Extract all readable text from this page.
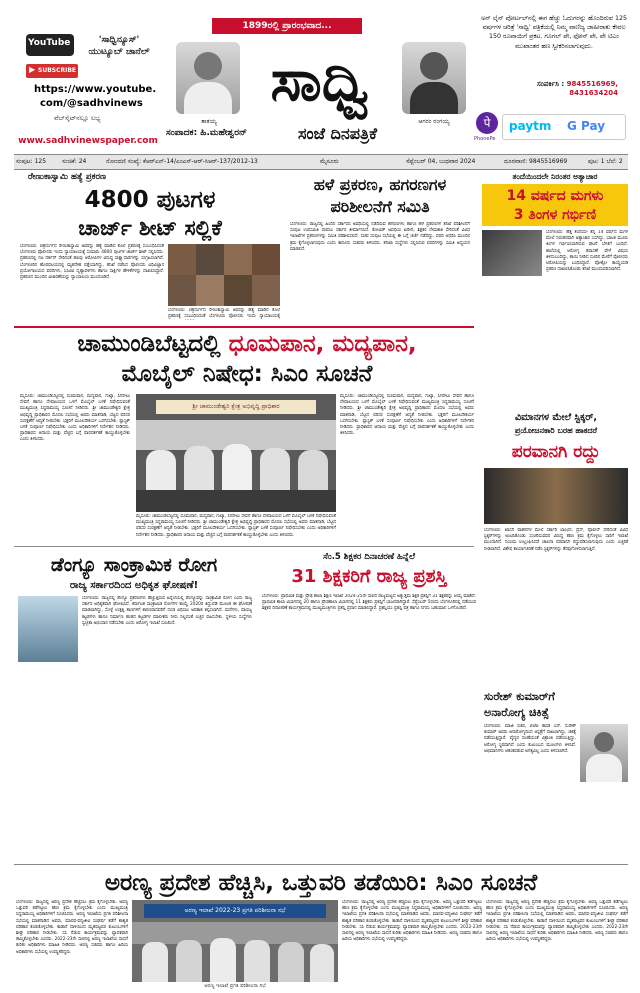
YouTube
▶ SUBSCRIBE
'ಸಾಧ್ವಿನ್ಯೂಸ್' ಯುಟ್ಯೂಬ್ ಚಾನೆಲ್
https://www.youtube.
com/@sadhvinews
ವೆಬ್‌ಸೈಟ್‌ನಲ್ಲೂ ಲಭ್ಯ
www.sadhvinewspaper.com
1899ರಲ್ಲಿ ಪ್ರಾರಂಭವಾದ...
ತಾತಯ್ಯ
ಸಾಧ್ವಿ
ಆಗರಂ ರಂಗಯ್ಯ
ಸಂಪಾದಕ: ಹಿ.ಮಹೇಶ್ವರನ್	ಸಂಜೆ ದಿನಪತ್ರಿಕೆ
पे
PhonePe
paytm G Pay
ಅನ್ ಲೈನ್ ಪೋರ್ಟಲ್‌ನಲ್ಲಿ ಈಗ ಹೆಚ್ಚು ಓದುಗರನ್ನು ಹೊಂದಿರುವ 125 ವರ್ಷಗಳ ಚರಿತ್ರೆ 'ಸಾಧ್ವಿ' ಪತ್ರಿಕೆಯಲ್ಲಿ ನಿಮ್ಮ ವಾಣಿಜ್ಯ ಜಾಹೀರಾತು ಕೇವಲ 150 ರೂಪಾಯಿಗೆ ಪ್ರಕಟ. ಗೂಗಲ್ ಪೇ, ಫೋನ್ ಪೇ, ಪೇ ಟಿಎಂ ಮುಖಾಂತರ ಹಣ ಸ್ವೀಕರಿಸಲಾಗುವುದು.
ಸಂಪರ್ಕಿಸಿ : 9845516969,
8431634204
ಸಂಪುಟ: 125	ಸಂಚಿಕೆ: 24	ನೋಂದಣಿ ಸಂಖ್ಯೆ: ಕೆಆರ್‌ಎನ್-14/ಎಂಎಸ್-ಆರ್-ಸಿಆರ್-137/2012-13	ಮೈಸೂರು	ಸೆಪ್ಟೆಂಬರ್ 04, ಬುಧವಾರ 2024	ದೂರವಾಣಿ: 9845516969	ಪುಟ: 1 ಬೆಲೆ: 2
ರೇಣುಕಾಸ್ವಾಮಿ ಹತ್ಯೆ ಪ್ರಕರಣ
4800 ಪುಟಗಳ
ಚಾರ್ಜ್ ಶೀಟ್ ಸಲ್ಲಿಕೆ
ಬೆಂಗಳೂರು: ಚಿತ್ರದುರ್ಗದ ರೇಣುಕಾಸ್ವಾಮಿ ಅವರನ್ನು ಹತ್ಯೆ ಮಾಡಿದ ಕೊಲೆ ಪ್ರಕರಣಕ್ಕೆ ಸಂಬಂಧಿಸಿದಂತೆ ಬೆಂಗಳೂರು ಪೊಲೀಸರು ಇಂದು ನ್ಯಾಯಾಲಯಕ್ಕೆ ಸುಮಾರು 4800 ಪುಟಗಳ ಚಾರ್ಜ್ ಶೀಟ್ ಸಲ್ಲಿಸಿದರು. ಪ್ರಕರಣದಲ್ಲಿ ನಟ ದರ್ಶನ್ ಸೇರಿದಂತೆ ಹಲವು ಆರೋಪಿಗಳ ವಿರುದ್ಧ ಸಾಕ್ಷ್ಯಾಧಾರಗಳನ್ನು ಸಂಗ್ರಹಿಸಲಾಗಿದೆ. ಬೆಂಗಳೂರಿನ ಹೊರವಲಯದಲ್ಲಿ ಮೃತದೇಹ ಪತ್ತೆಯಾಗಿದ್ದು, ತನಿಖೆ ನಡೆಸಿದ ಪೊಲೀಸರು ವಿಧಿವಿಜ್ಞಾನ ಪ್ರಯೋಗಾಲಯದ ವರದಿಗಳು, ಸಿಸಿಟಿವಿ ದೃಶ್ಯಾವಳಿಗಳು ಹಾಗೂ ಸಾಕ್ಷಿಗಳ ಹೇಳಿಕೆಗಳನ್ನು ದಾಖಲಿಸಿದ್ದಾರೆ. ಪ್ರಕರಣದ ಮುಂದಿನ ವಿಚಾರಣೆಯನ್ನು ನ್ಯಾಯಾಲಯ ಮುಂದೂಡಿದೆ.
ಬೆಂಗಳೂರು: ಚಿತ್ರದುರ್ಗದ ರೇಣುಕಾಸ್ವಾಮಿ ಅವರನ್ನು ಹತ್ಯೆ ಮಾಡಿದ ಕೊಲೆ ಪ್ರಕರಣಕ್ಕೆ ಸಂಬಂಧಿಸಿದಂತೆ ಬೆಂಗಳೂರು ಪೊಲೀಸರು ಇಂದು ನ್ಯಾಯಾಲಯಕ್ಕೆ
ಹಳೆ ಪ್ರಕರಣ, ಹಗರಣಗಳ
ಪರಿಶೀಲನೆಗೆ ಸಮಿತಿ
ಬೆಂಗಳೂರು: ರಾಜ್ಯದಲ್ಲಿ ಹಿಂದಿನ ಸರ್ಕಾರದ ಅವಧಿಯಲ್ಲಿ ನಡೆದಿರುವ ಹಗರಣಗಳು ಹಾಗೂ ಹಳೆ ಪ್ರಕರಣಗಳ ತನಿಖೆ ಪರಿಶೀಲನೆಗೆ ಸಂಪುಟ ಉಪಸಮಿತಿ ರಚಿಸಲು ಸರ್ಕಾರ ತೀರ್ಮಾನಿಸಿದೆ. ಕೋವಿಡ್ ಅವಧಿಯ ಖರೀದಿ, ಶಿಕ್ಷಕರ ನೇಮಕಾತಿ ಸೇರಿದಂತೆ ವಿವಿಧ ಇಲಾಖೆಗಳ ಪ್ರಕರಣಗಳನ್ನು ಸಮಿತಿ ಪರಿಶೀಲಿಸಲಿದೆ. ಸಚಿವ ಸಂಪುಟ ಸಭೆಯಲ್ಲಿ ಈ ಬಗ್ಗೆ ಚರ್ಚೆ ನಡೆದಿದ್ದು, ವರದಿ ಆಧರಿಸಿ ಮುಂದಿನ ಕ್ರಮ ಕೈಗೊಳ್ಳಲಾಗುವುದು ಎಂದು ಕಾನೂನು ಸಚಿವರು ತಿಳಿಸಿದರು. ತನಿಖಾ ಸಂಸ್ಥೆಗಳು ಸಲ್ಲಿಸಿರುವ ವರದಿಗಳನ್ನು ಸಮಿತಿ ಅಧ್ಯಯನ ಮಾಡಲಿದೆ.
ತಂದೆಯಿಂದಲೇ ನಿರಂತರ ಅತ್ಯಾಚಾರ
14 ವರ್ಷದ ಮಗಳು
3 ತಿಂಗಳ ಗರ್ಭಿಣಿ
ಬೆಂಗಳೂರು: ಹೆತ್ತ ತಂದೆಯೇ ತನ್ನ 14 ವರ್ಷದ ಮಗಳ ಮೇಲೆ ನಿರಂತರವಾಗಿ ಅತ್ಯಾಚಾರ ಎಸಗಿದ್ದು, ಬಾಲಕಿ ಮೂರು ತಿಂಗಳ ಗರ್ಭಿಣಿಯಾಗಿರುವ ಘಟನೆ ಬೆಳಕಿಗೆ ಬಂದಿದೆ. ಶಾಲೆಯಲ್ಲಿ ಆರೋಗ್ಯ ತಪಾಸಣೆ ವೇಳೆ ವಿಷಯ ತಿಳಿದುಬಂದಿದ್ದು, ತಾಯಿ ನೀಡಿದ ದೂರಿನ ಮೇರೆಗೆ ಪೊಲೀಸರು ಆರೋಪಿಯನ್ನು ಬಂಧಿಸಿದ್ದಾರೆ. ಪೋಕ್ಸೋ ಕಾಯ್ದೆಯಡಿ ಪ್ರಕರಣ ದಾಖಲಿಸಿಕೊಂಡು ತನಿಖೆ ಮುಂದುವರಿಸಲಾಗಿದೆ.
ಚಾಮುಂಡಿಬೆಟ್ಟದಲ್ಲಿ ಧೂಮಪಾನ, ಮದ್ಯಪಾನ,
ಮೊಬೈಲ್ ನಿಷೇಧ: ಸಿಎಂ ಸೂಚನೆ
ಮೈಸೂರು: ಚಾಮುಂಡಿಬೆಟ್ಟದಲ್ಲಿ ಧೂಮಪಾನ, ಮದ್ಯಪಾನ, ಗುಟ್ಕಾ, ಸಿಗರೇಟು ಸೇವನೆ ಹಾಗೂ ದೇವಾಲಯದ ಒಳಗೆ ಮೊಬೈಲ್ ಬಳಕೆ ನಿಷೇಧಿಸುವಂತೆ ಮುಖ್ಯಮಂತ್ರಿ ಸಿದ್ದರಾಮಯ್ಯ ಸೂಚನೆ ನೀಡಿದರು. ಶ್ರೀ ಚಾಮುಂಡೇಶ್ವರಿ ಕ್ಷೇತ್ರ ಅಭಿವೃದ್ಧಿ ಪ್ರಾಧಿಕಾರದ ಮೊದಲ ಸಭೆಯಲ್ಲಿ ಅವರು ಮಾತನಾಡಿ, ಬೆಟ್ಟದ ಪರಿಸರ ಸಂರಕ್ಷಣೆಗೆ ಆದ್ಯತೆ ನೀಡಬೇಕು. ಭಕ್ತರಿಗೆ ಮೂಲಸೌಕರ್ಯ ಒದಗಿಸಬೇಕು. ಪ್ಲಾಸ್ಟಿಕ್ ಬಳಕೆ ಸಂಪೂರ್ಣ ನಿಷೇಧಿಸಬೇಕು ಎಂದು ಅಧಿಕಾರಿಗಳಿಗೆ ನಿರ್ದೇಶನ ನೀಡಿದರು. ಪ್ರಾಧಿಕಾರದ ಆದಾಯ ಮತ್ತು ವೆಚ್ಚದ ಬಗ್ಗೆ ಪಾರದರ್ಶಕತೆ ಕಾಯ್ದುಕೊಳ್ಳಬೇಕು ಎಂದು ತಿಳಿಸಿದರು.
ಶ್ರೀ ಚಾಮುಂಡೇಶ್ವರಿ ಕ್ಷೇತ್ರ ಅಭಿವೃದ್ಧಿ ಪ್ರಾಧಿಕಾರ
ಮೈಸೂರು: ಚಾಮುಂಡಿಬೆಟ್ಟದಲ್ಲಿ ಧೂಮಪಾನ, ಮದ್ಯಪಾನ, ಗುಟ್ಕಾ, ಸಿಗರೇಟು ಸೇವನೆ ಹಾಗೂ ದೇವಾಲಯದ ಒಳಗೆ ಮೊಬೈಲ್ ಬಳಕೆ ನಿಷೇಧಿಸುವಂತೆ ಮುಖ್ಯಮಂತ್ರಿ ಸಿದ್ದರಾಮಯ್ಯ ಸೂಚನೆ ನೀಡಿದರು. ಶ್ರೀ ಚಾಮುಂಡೇಶ್ವರಿ ಕ್ಷೇತ್ರ ಅಭಿವೃದ್ಧಿ ಪ್ರಾಧಿಕಾರದ ಮೊದಲ ಸಭೆಯಲ್ಲಿ ಅವರು ಮಾತನಾಡಿ, ಬೆಟ್ಟದ ಪರಿಸರ ಸಂರಕ್ಷಣೆಗೆ ಆದ್ಯತೆ ನೀಡಬೇಕು. ಭಕ್ತರಿಗೆ ಮೂಲಸೌಕರ್ಯ ಒದಗಿಸಬೇಕು. ಪ್ಲಾಸ್ಟಿಕ್ ಬಳಕೆ ಸಂಪೂರ್ಣ ನಿಷೇಧಿಸಬೇಕು ಎಂದು ಅಧಿಕಾರಿಗಳಿಗೆ ನಿರ್ದೇಶನ ನೀಡಿದರು. ಪ್ರಾಧಿಕಾರದ ಆದಾಯ ಮತ್ತು ವೆಚ್ಚದ ಬಗ್ಗೆ ಪಾರದರ್ಶಕತೆ ಕಾಯ್ದುಕೊಳ್ಳಬೇಕು ಎಂದು ತಿಳಿಸಿದರು.
ಮೈಸೂರು: ಚಾಮುಂಡಿಬೆಟ್ಟದಲ್ಲಿ ಧೂಮಪಾನ, ಮದ್ಯಪಾನ, ಗುಟ್ಕಾ, ಸಿಗರೇಟು ಸೇವನೆ ಹಾಗೂ ದೇವಾಲಯದ ಒಳಗೆ ಮೊಬೈಲ್ ಬಳಕೆ ನಿಷೇಧಿಸುವಂತೆ ಮುಖ್ಯಮಂತ್ರಿ ಸಿದ್ದರಾಮಯ್ಯ ಸೂಚನೆ ನೀಡಿದರು. ಶ್ರೀ ಚಾಮುಂಡೇಶ್ವರಿ ಕ್ಷೇತ್ರ ಅಭಿವೃದ್ಧಿ ಪ್ರಾಧಿಕಾರದ ಮೊದಲ ಸಭೆಯಲ್ಲಿ ಅವರು ಮಾತನಾಡಿ, ಬೆಟ್ಟದ ಪರಿಸರ ಸಂರಕ್ಷಣೆಗೆ ಆದ್ಯತೆ ನೀಡಬೇಕು. ಭಕ್ತರಿಗೆ ಮೂಲಸೌಕರ್ಯ ಒದಗಿಸಬೇಕು. ಪ್ಲಾಸ್ಟಿಕ್ ಬಳಕೆ ಸಂಪೂರ್ಣ ನಿಷೇಧಿಸಬೇಕು ಎಂದು ಅಧಿಕಾರಿಗಳಿಗೆ ನಿರ್ದೇಶನ ನೀಡಿದರು. ಪ್ರಾಧಿಕಾರದ ಆದಾಯ ಮತ್ತು ವೆಚ್ಚದ ಬಗ್ಗೆ ಪಾರದರ್ಶಕತೆ ಕಾಯ್ದುಕೊಳ್ಳಬೇಕು ಎಂದು ತಿಳಿಸಿದರು.
ವಿಮಾನಗಳ ಮೇಲೆ ಸ್ಟಿಕ್ಕರ್,
ಪ್ರಯೋಜನಕಾರಿ ಬರಹ ಹಾಕದರೆ
ಪರವಾನಗಿ ರದ್ದು
ಬೆಂಗಳೂರು: ಖಾಸಗಿ ವಾಹನಗಳ ಮೇಲೆ ಸರ್ಕಾರಿ ಲಾಂಛನ, ಪ್ರೆಸ್, ಪೊಲೀಸ್ ಸೇರಿದಂತೆ ವಿವಿಧ ಸ್ಟಿಕ್ಕರ್‌ಗಳನ್ನು ಅಂಟಿಸಿಕೊಂಡು ಸಂಚರಿಸುವವರ ವಿರುದ್ಧ ಕಠಿಣ ಕ್ರಮ ಕೈಗೊಳ್ಳಲು ಸಾರಿಗೆ ಇಲಾಖೆ ಮುಂದಾಗಿದೆ. ನಿಯಮ ಉಲ್ಲಂಘಿಸಿದರೆ ಚಾಲನಾ ಪರವಾನಗಿ ರದ್ದುಪಡಿಸಲಾಗುವುದು ಎಂದು ಎಚ್ಚರಿಕೆ ನೀಡಲಾಗಿದೆ. ವಿಶೇಷ ಕಾರ್ಯಾಚರಣೆ ನಡೆಸಿ ಸ್ಟಿಕ್ಕರ್‌ಗಳನ್ನು ತೆರವುಗೊಳಿಸಲಾಗುತ್ತಿದೆ.
ಡೆಂಗ್ಯೂ ಸಾಂಕ್ರಾಮಿಕ ರೋಗ
ರಾಜ್ಯ ಸರ್ಕಾರದಿಂದ ಅಧಿಕೃತ ಘೋಷಣೆ!
ಬೆಂಗಳೂರು: ರಾಜ್ಯದಲ್ಲಿ ಡೆಂಗ್ಯೂ ಪ್ರಕರಣಗಳು ಹೆಚ್ಚುತ್ತಿರುವ ಹಿನ್ನೆಲೆಯಲ್ಲಿ ಡೆಂಗ್ಯೂವನ್ನು ಸಾಂಕ್ರಾಮಿಕ ರೋಗ ಎಂದು ರಾಜ್ಯ ಸರ್ಕಾರ ಅಧಿಕೃತವಾಗಿ ಘೋಷಿಸಿದೆ. ಕರ್ನಾಟಕ ಸಾಂಕ್ರಾಮಿಕ ರೋಗಗಳ ಕಾಯ್ದೆ 2020ರ ತಿದ್ದುಪಡಿ ಮೂಲಕ ಈ ಘೋಷಣೆ ಮಾಡಲಾಗಿದ್ದು, ಸೊಳ್ಳೆ ಉತ್ಪತ್ತಿ ತಾಣಗಳಿಗೆ ಕಾರಣರಾದವರಿಗೆ ದಂಡ ವಿಧಿಸಲು ಅವಕಾಶ ಕಲ್ಪಿಸಲಾಗಿದೆ. ಮನೆಗಳು, ವಾಣಿಜ್ಯ ಕಟ್ಟಡಗಳು ಹಾಗೂ ನಿರ್ಮಾಣ ಹಂತದ ಕಟ್ಟಡಗಳ ಮಾಲೀಕರು ನೀರು ನಿಲ್ಲದಂತೆ ಎಚ್ಚರ ವಹಿಸಬೇಕು. ಸ್ಥಳೀಯ ಸಂಸ್ಥೆಗಳು ಸ್ವಚ್ಛತಾ ಅಭಿಯಾನ ನಡೆಸಬೇಕು ಎಂದು ಆರೋಗ್ಯ ಇಲಾಖೆ ಸೂಚಿಸಿದೆ.
ಸೆಂ.5 ಶಿಕ್ಷಕರ ದಿನಾಚರಣೆ ಹಿನ್ನೆಲೆ
31 ಶಿಕ್ಷಕರಿಗೆ ರಾಜ್ಯ ಪ್ರಶಸ್ತಿ
ಬೆಂಗಳೂರು: ಪ್ರಾಥಮಿಕ ಮತ್ತು ಪ್ರೌಢ ಶಾಲಾ ಶಿಕ್ಷಣ ಇಲಾಖೆ 2024-25ನೇ ಸಾಲಿನ ರಾಜ್ಯಮಟ್ಟದ ಅತ್ಯುತ್ತಮ ಶಿಕ್ಷಕ ಪ್ರಶಸ್ತಿಗೆ 31 ಶಿಕ್ಷಕರನ್ನು ಆಯ್ಕೆ ಮಾಡಿದೆ. ಪ್ರಾಥಮಿಕ ಶಾಲಾ ವಿಭಾಗದಲ್ಲಿ 20 ಹಾಗೂ ಪ್ರೌಢಶಾಲಾ ವಿಭಾಗದಲ್ಲಿ 11 ಶಿಕ್ಷಕರು ಪ್ರಶಸ್ತಿಗೆ ಭಾಜನರಾಗಿದ್ದಾರೆ. ಸೆಪ್ಟೆಂಬರ್ 5ರಂದು ಬೆಂಗಳೂರಿನಲ್ಲಿ ನಡೆಯುವ ಶಿಕ್ಷಕರ ದಿನಾಚರಣೆ ಕಾರ್ಯಕ್ರಮದಲ್ಲಿ ಮುಖ್ಯಮಂತ್ರಿಗಳು ಪ್ರಶಸ್ತಿ ಪ್ರದಾನ ಮಾಡಲಿದ್ದಾರೆ. ಪ್ರಶಸ್ತಿಯು ಪ್ರಶಸ್ತಿ ಪತ್ರ ಹಾಗೂ ನಗದು ಬಹುಮಾನ ಒಳಗೊಂಡಿದೆ.
ಸುರೇಶ್ ಕುಮಾರ್‌ಗೆ
ಅನಾರೋಗ್ಯ ಚಿಕಿತ್ಸೆ
ಬೆಂಗಳೂರು: ಮಾಜಿ ಸಚಿವ, ಬಿಜೆಪಿ ಶಾಸಕ ಎಸ್. ಸುರೇಶ್ ಕುಮಾರ್ ಅವರು ಅನಾರೋಗ್ಯದಿಂದ ಆಸ್ಪತ್ರೆಗೆ ದಾಖಲಾಗಿದ್ದು, ಚಿಕಿತ್ಸೆ ಪಡೆಯುತ್ತಿದ್ದಾರೆ. ವೈದ್ಯರ ಸಲಹೆಯಂತೆ ವಿಶ್ರಾಂತಿ ಪಡೆಯುತ್ತಿದ್ದು, ಆರೋಗ್ಯ ಸ್ಥಿರವಾಗಿದೆ ಎಂದು ಕುಟುಂಬದ ಮೂಲಗಳು ತಿಳಿಸಿವೆ. ಅಭಿಮಾನಿಗಳು ಆತಂಕಪಡುವ ಅಗತ್ಯವಿಲ್ಲ ಎಂದು ತಿಳಿಸಲಾಗಿದೆ.
ಅರಣ್ಯ ಪ್ರದೇಶ ಹೆಚ್ಚಿಸಿ, ಒತ್ತುವರಿ ತಡೆಯಿರಿ: ಸಿಎಂ ಸೂಚನೆ
ಬೆಂಗಳೂರು: ರಾಜ್ಯದಲ್ಲಿ ಅರಣ್ಯ ಪ್ರದೇಶ ಹೆಚ್ಚಿಸಲು ಕ್ರಮ ಕೈಗೊಳ್ಳಬೇಕು. ಅರಣ್ಯ ಒತ್ತುವರಿ ತಡೆಗಟ್ಟಲು ಕಠಿಣ ಕ್ರಮ ಕೈಗೊಳ್ಳಬೇಕು ಎಂದು ಮುಖ್ಯಮಂತ್ರಿ ಸಿದ್ದರಾಮಯ್ಯ ಅಧಿಕಾರಿಗಳಿಗೆ ಸೂಚಿಸಿದರು. ಅರಣ್ಯ ಇಲಾಖೆಯ ಪ್ರಗತಿ ಪರಿಶೀಲನಾ ಸಭೆಯಲ್ಲಿ ಮಾತನಾಡಿದ ಅವರು, ಮಾನವ-ವನ್ಯಜೀವಿ ಸಂಘರ್ಷ ತಡೆಗೆ ಶಾಶ್ವತ ಪರಿಹಾರ ಕಂಡುಕೊಳ್ಳಬೇಕು. ಕಾಡಾನೆ ದಾಳಿಯಿಂದ ಮೃತಪಟ್ಟವರ ಕುಟುಂಬಗಳಿಗೆ ಶೀಘ್ರ ಪರಿಹಾರ ನೀಡಬೇಕು. ಸಸಿ ನೆಡುವ ಕಾರ್ಯಕ್ರಮವನ್ನು ವ್ಯಾಪಕವಾಗಿ ಹಮ್ಮಿಕೊಳ್ಳಬೇಕು ಎಂದರು. 2022-23ನೇ ಸಾಲಿನಲ್ಲಿ ಅರಣ್ಯ ಇಲಾಖೆಯ ಸಾಧನೆ ಕುರಿತು ಅಧಿಕಾರಿಗಳು ಮಾಹಿತಿ ನೀಡಿದರು. ಅರಣ್ಯ ಸಚಿವರು ಹಾಗೂ ಹಿರಿಯ ಅಧಿಕಾರಿಗಳು ಸಭೆಯಲ್ಲಿ ಉಪಸ್ಥಿತರಿದ್ದರು.
ಅರಣ್ಯ ಇಲಾಖೆ 2022-23 ಪ್ರಗತಿ ಪರಿಶೀಲನಾ ಸಭೆ
ಅರಣ್ಯ ಇಲಾಖೆ ಪ್ರಗತಿ ಪರಿಶೀಲನಾ ಸಭೆ
ಬೆಂಗಳೂರು: ರಾಜ್ಯದಲ್ಲಿ ಅರಣ್ಯ ಪ್ರದೇಶ ಹೆಚ್ಚಿಸಲು ಕ್ರಮ ಕೈಗೊಳ್ಳಬೇಕು. ಅರಣ್ಯ ಒತ್ತುವರಿ ತಡೆಗಟ್ಟಲು ಕಠಿಣ ಕ್ರಮ ಕೈಗೊಳ್ಳಬೇಕು ಎಂದು ಮುಖ್ಯಮಂತ್ರಿ ಸಿದ್ದರಾಮಯ್ಯ ಅಧಿಕಾರಿಗಳಿಗೆ ಸೂಚಿಸಿದರು. ಅರಣ್ಯ ಇಲಾಖೆಯ ಪ್ರಗತಿ ಪರಿಶೀಲನಾ ಸಭೆಯಲ್ಲಿ ಮಾತನಾಡಿದ ಅವರು, ಮಾನವ-ವನ್ಯಜೀವಿ ಸಂಘರ್ಷ ತಡೆಗೆ ಶಾಶ್ವತ ಪರಿಹಾರ ಕಂಡುಕೊಳ್ಳಬೇಕು. ಕಾಡಾನೆ ದಾಳಿಯಿಂದ ಮೃತಪಟ್ಟವರ ಕುಟುಂಬಗಳಿಗೆ ಶೀಘ್ರ ಪರಿಹಾರ ನೀಡಬೇಕು. ಸಸಿ ನೆಡುವ ಕಾರ್ಯಕ್ರಮವನ್ನು ವ್ಯಾಪಕವಾಗಿ ಹಮ್ಮಿಕೊಳ್ಳಬೇಕು ಎಂದರು. 2022-23ನೇ ಸಾಲಿನಲ್ಲಿ ಅರಣ್ಯ ಇಲಾಖೆಯ ಸಾಧನೆ ಕುರಿತು ಅಧಿಕಾರಿಗಳು ಮಾಹಿತಿ ನೀಡಿದರು. ಅರಣ್ಯ ಸಚಿವರು ಹಾಗೂ ಹಿರಿಯ ಅಧಿಕಾರಿಗಳು ಸಭೆಯಲ್ಲಿ ಉಪಸ್ಥಿತರಿದ್ದರು.
ಬೆಂಗಳೂರು: ರಾಜ್ಯದಲ್ಲಿ ಅರಣ್ಯ ಪ್ರದೇಶ ಹೆಚ್ಚಿಸಲು ಕ್ರಮ ಕೈಗೊಳ್ಳಬೇಕು. ಅರಣ್ಯ ಒತ್ತುವರಿ ತಡೆಗಟ್ಟಲು ಕಠಿಣ ಕ್ರಮ ಕೈಗೊಳ್ಳಬೇಕು ಎಂದು ಮುಖ್ಯಮಂತ್ರಿ ಸಿದ್ದರಾಮಯ್ಯ ಅಧಿಕಾರಿಗಳಿಗೆ ಸೂಚಿಸಿದರು. ಅರಣ್ಯ ಇಲಾಖೆಯ ಪ್ರಗತಿ ಪರಿಶೀಲನಾ ಸಭೆಯಲ್ಲಿ ಮಾತನಾಡಿದ ಅವರು, ಮಾನವ-ವನ್ಯಜೀವಿ ಸಂಘರ್ಷ ತಡೆಗೆ ಶಾಶ್ವತ ಪರಿಹಾರ ಕಂಡುಕೊಳ್ಳಬೇಕು. ಕಾಡಾನೆ ದಾಳಿಯಿಂದ ಮೃತಪಟ್ಟವರ ಕುಟುಂಬಗಳಿಗೆ ಶೀಘ್ರ ಪರಿಹಾರ ನೀಡಬೇಕು. ಸಸಿ ನೆಡುವ ಕಾರ್ಯಕ್ರಮವನ್ನು ವ್ಯಾಪಕವಾಗಿ ಹಮ್ಮಿಕೊಳ್ಳಬೇಕು ಎಂದರು. 2022-23ನೇ ಸಾಲಿನಲ್ಲಿ ಅರಣ್ಯ ಇಲಾಖೆಯ ಸಾಧನೆ ಕುರಿತು ಅಧಿಕಾರಿಗಳು ಮಾಹಿತಿ ನೀಡಿದರು. ಅರಣ್ಯ ಸಚಿವರು ಹಾಗೂ ಹಿರಿಯ ಅಧಿಕಾರಿಗಳು ಸಭೆಯಲ್ಲಿ ಉಪಸ್ಥಿತರಿದ್ದರು.
